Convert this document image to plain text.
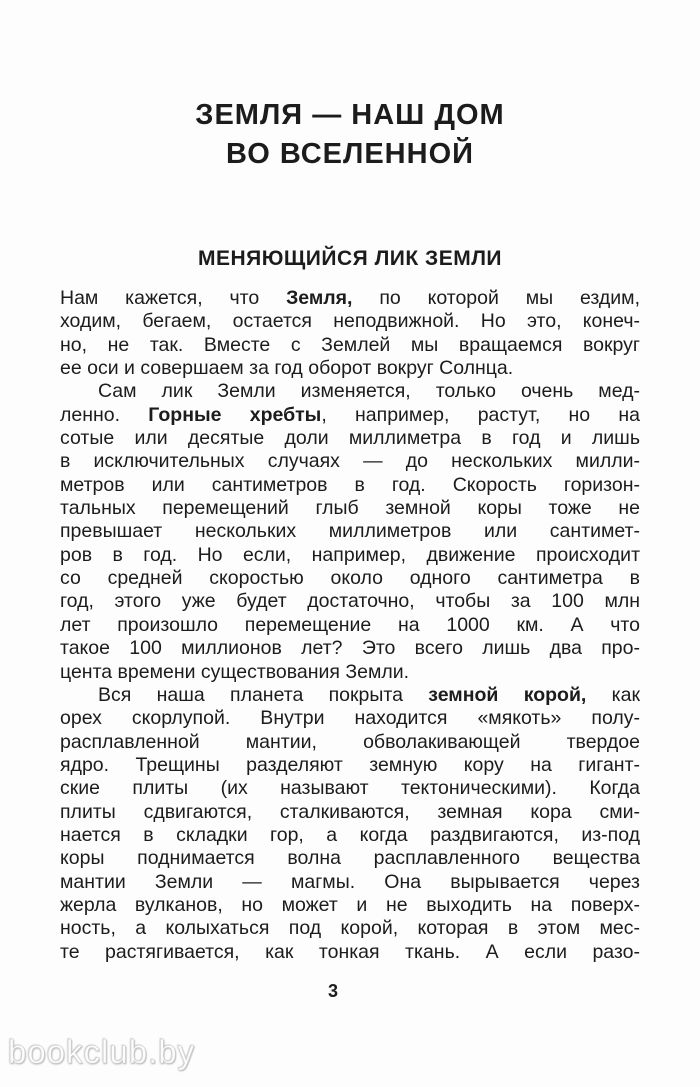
ЗЕМЛЯ — НАШ ДОМ
ВО ВСЕЛЕННОЙ
МЕНЯЮЩИЙСЯ ЛИК ЗЕМЛИ
Нам кажется, что Земля, по которой мы ездим,
ходим, бегаем, остается неподвижной. Но это, конеч-
но, не так. Вместе с Землей мы вращаемся вокруг
ее оси и совершаем за год оборот вокруг Солнца.
Сам лик Земли изменяется, только очень мед-
ленно. Горные хребты, например, растут, но на
сотые или десятые доли миллиметра в год и лишь
в исключительных случаях — до нескольких милли-
метров или сантиметров в год. Скорость горизон-
тальных перемещений глыб земной коры тоже не
превышает нескольких миллиметров или сантимет-
ров в год. Но если, например, движение происходит
со средней скоростью около одного сантиметра в
год, этого уже будет достаточно, чтобы за 100 млн
лет произошло перемещение на 1000 км. А что
такое 100 миллионов лет? Это всего лишь два про-
цента времени существования Земли.
Вся наша планета покрыта земной корой, как
орех скорлупой. Внутри находится «мякоть» полу-
расплавленной мантии, обволакивающей твердое
ядро. Трещины разделяют земную кору на гигант-
ские плиты (их называют тектоническими). Когда
плиты сдвигаются, сталкиваются, земная кора сми-
нается в складки гор, а когда раздвигаются, из-под
коры поднимается волна расплавленного вещества
мантии Земли — магмы. Она вырывается через
жерла вулканов, но может и не выходить на поверх-
ность, а колыхаться под корой, которая в этом мес-
те растягивается, как тонкая ткань. А если разо-
3
bookclub.by
